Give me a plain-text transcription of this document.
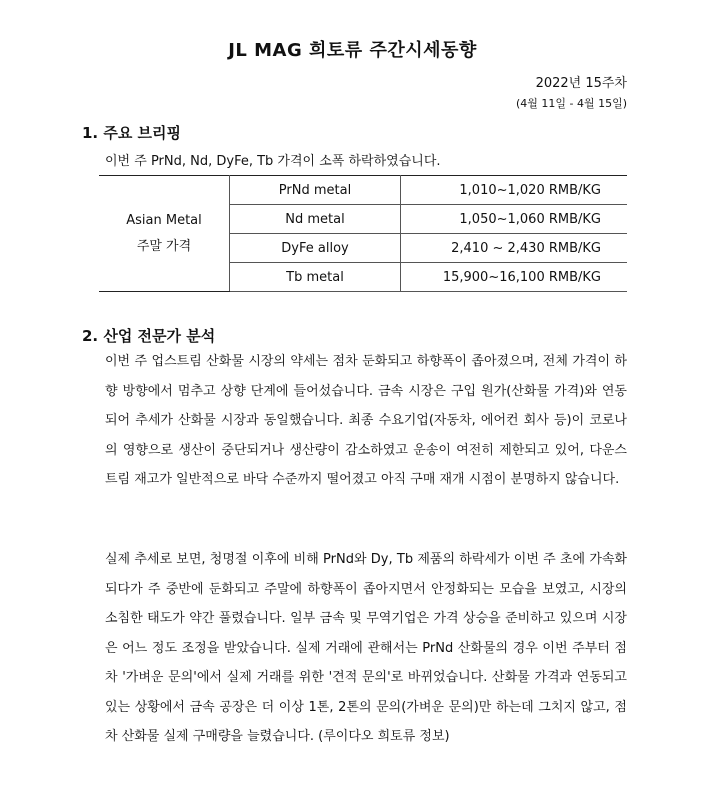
JL MAG 희토류 주간시세동향
2022년 15주차
(4월 11일 - 4월 15일)
1. 주요 브리핑
이번 주 PrNd, Nd, DyFe, Tb 가격이 소폭 하락하였습니다.
Asian Metal
주말 가격	PrNd metal	1,010~1,020 RMB/KG
	Nd metal	1,050~1,060 RMB/KG
	DyFe alloy	2,410 ~ 2,430 RMB/KG
	Tb metal	15,900~16,100 RMB/KG
2. 산업 전문가 분석

이번 주 업스트림 산화물 시장의 약세는 점차 둔화되고 하향폭이 좁아졌으며, 전체 가격이 하향 방향에서 멈추고 상향 단계에 들어섰습니다. 금속 시장은 구입 원가(산화물 가격)와 연동되어 추세가 산화물 시장과 동일했습니다. 최종 수요기업(자동차, 에어컨 회사 등)이 코로나의 영향으로 생산이 중단되거나 생산량이 감소하였고 운송이 여전히 제한되고 있어, 다운스트림 재고가 일반적으로 바닥 수준까지 떨어졌고 아직 구매 재개 시점이 분명하지 않습니다.

실제 추세로 보면, 청명절 이후에 비해 PrNd와 Dy, Tb 제품의 하락세가 이번 주 초에 가속화되다가 주 중반에 둔화되고 주말에 하향폭이 좁아지면서 안정화되는 모습을 보였고, 시장의 소침한 태도가 약간 풀렸습니다. 일부 금속 및 무역기업은 가격 상승을 준비하고 있으며 시장은 어느 정도 조정을 받았습니다. 실제 거래에 관해서는 PrNd 산화물의 경우 이번 주부터 점차 '가벼운 문의'에서 실제 거래를 위한 '견적 문의'로 바뀌었습니다. 산화물 가격과 연동되고 있는 상황에서 금속 공장은 더 이상 1톤, 2톤의 문의(가벼운 문의)만 하는데 그치지 않고, 점차 산화물 실제 구매량을 늘렸습니다. (루이다오 희토류 정보)
